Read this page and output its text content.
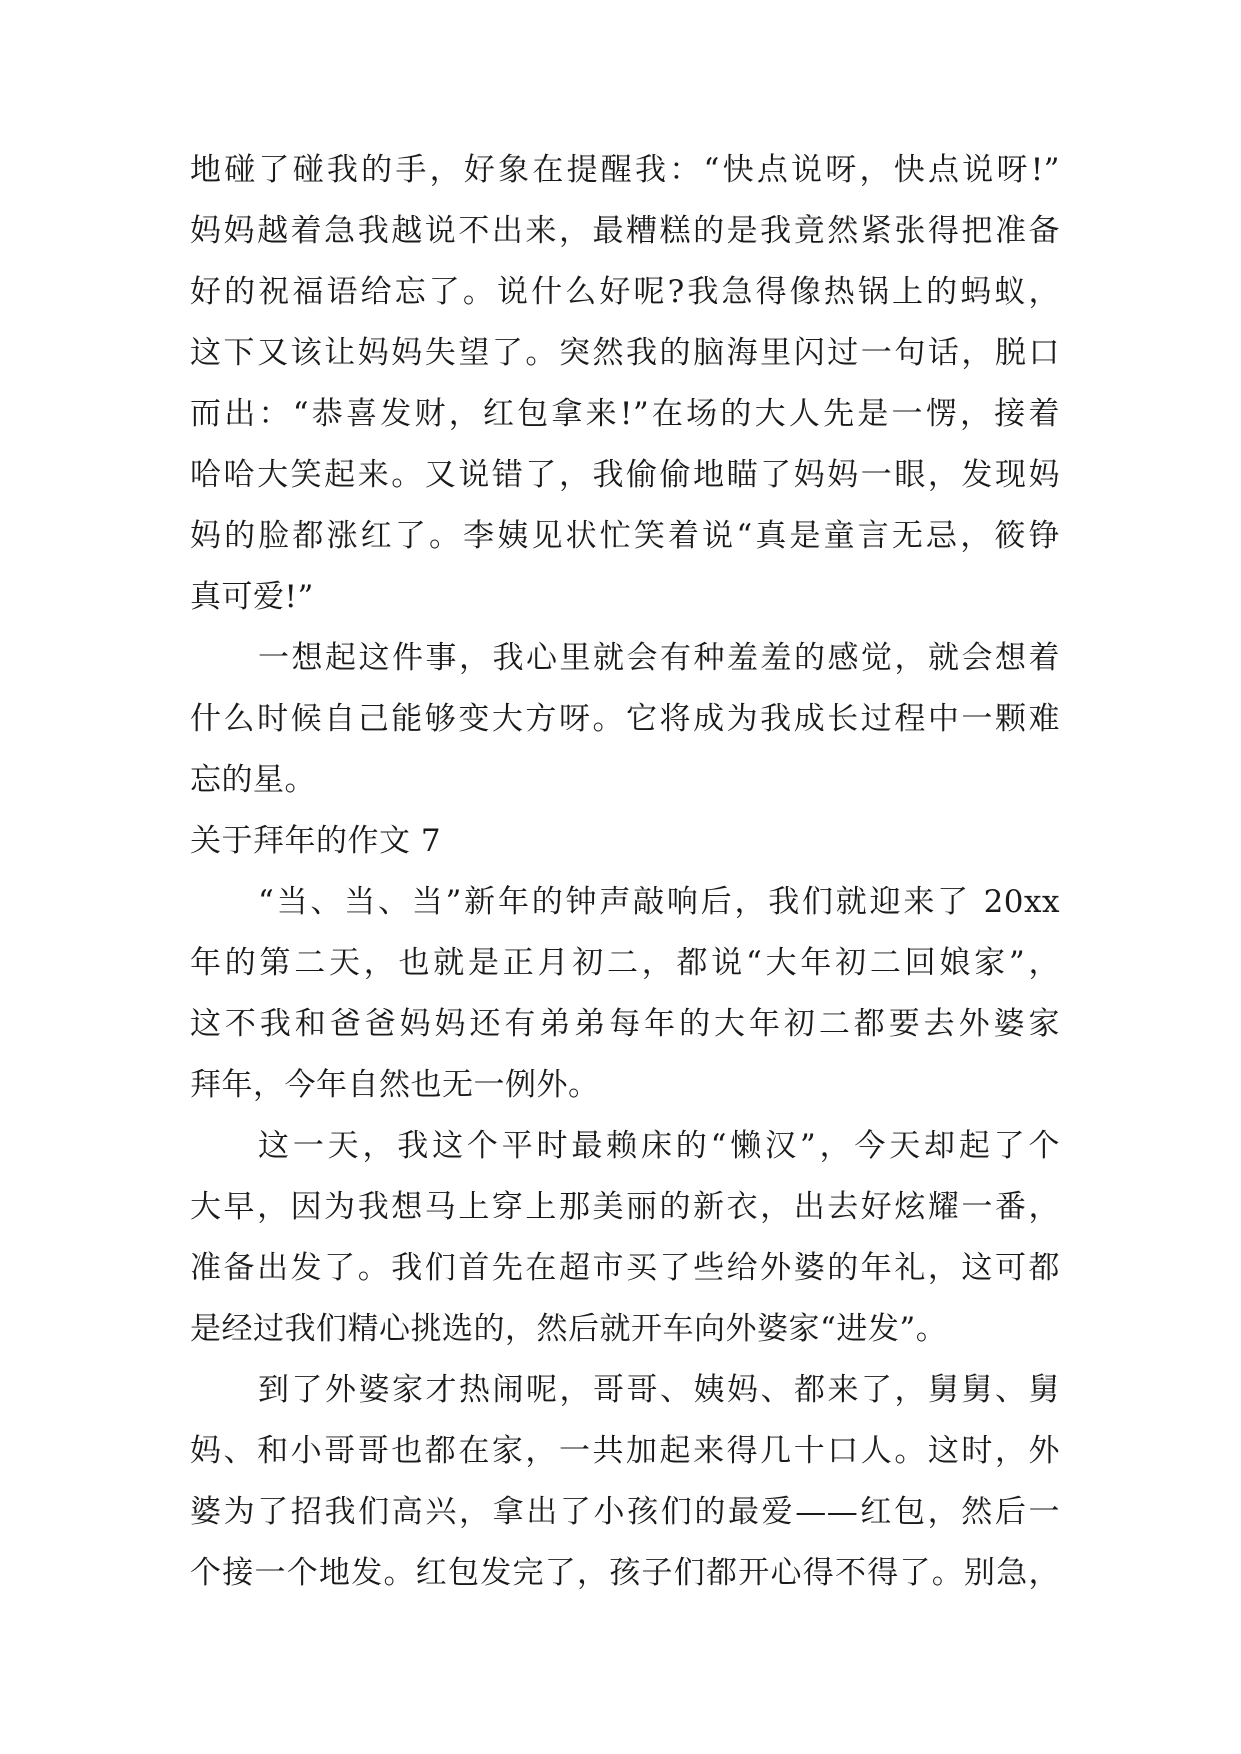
地碰了碰我的手，好象在提醒我：“快点说呀，快点说呀!”
妈妈越着急我越说不出来，最糟糕的是我竟然紧张得把准备
好的祝福语给忘了。说什么好呢?我急得像热锅上的蚂蚁，
这下又该让妈妈失望了。突然我的脑海里闪过一句话，脱口
而出：“恭喜发财，红包拿来!”在场的大人先是一愣，接着
哈哈大笑起来。又说错了，我偷偷地瞄了妈妈一眼，发现妈
妈的脸都涨红了。李姨见状忙笑着说“真是童言无忌，筱铮
真可爱!”
一想起这件事，我心里就会有种羞羞的感觉，就会想着
什么时候自己能够变大方呀。它将成为我成长过程中一颗难
忘的星。
关于拜年的作文 7
“当、当、当”新年的钟声敲响后，我们就迎来了 20xx
年的第二天，也就是正月初二，都说“大年初二回娘家”，
这不我和爸爸妈妈还有弟弟每年的大年初二都要去外婆家
拜年，今年自然也无一例外。
这一天，我这个平时最赖床的“懒汉”，今天却起了个
大早，因为我想马上穿上那美丽的新衣，出去好炫耀一番，
准备出发了。我们首先在超市买了些给外婆的年礼，这可都
是经过我们精心挑选的，然后就开车向外婆家“进发”。
到了外婆家才热闹呢，哥哥、姨妈、都来了，舅舅、舅
妈、和小哥哥也都在家，一共加起来得几十口人。这时，外
婆为了招我们高兴，拿出了小孩们的最爱——红包，然后一
个接一个地发。红包发完了，孩子们都开心得不得了。别急，
